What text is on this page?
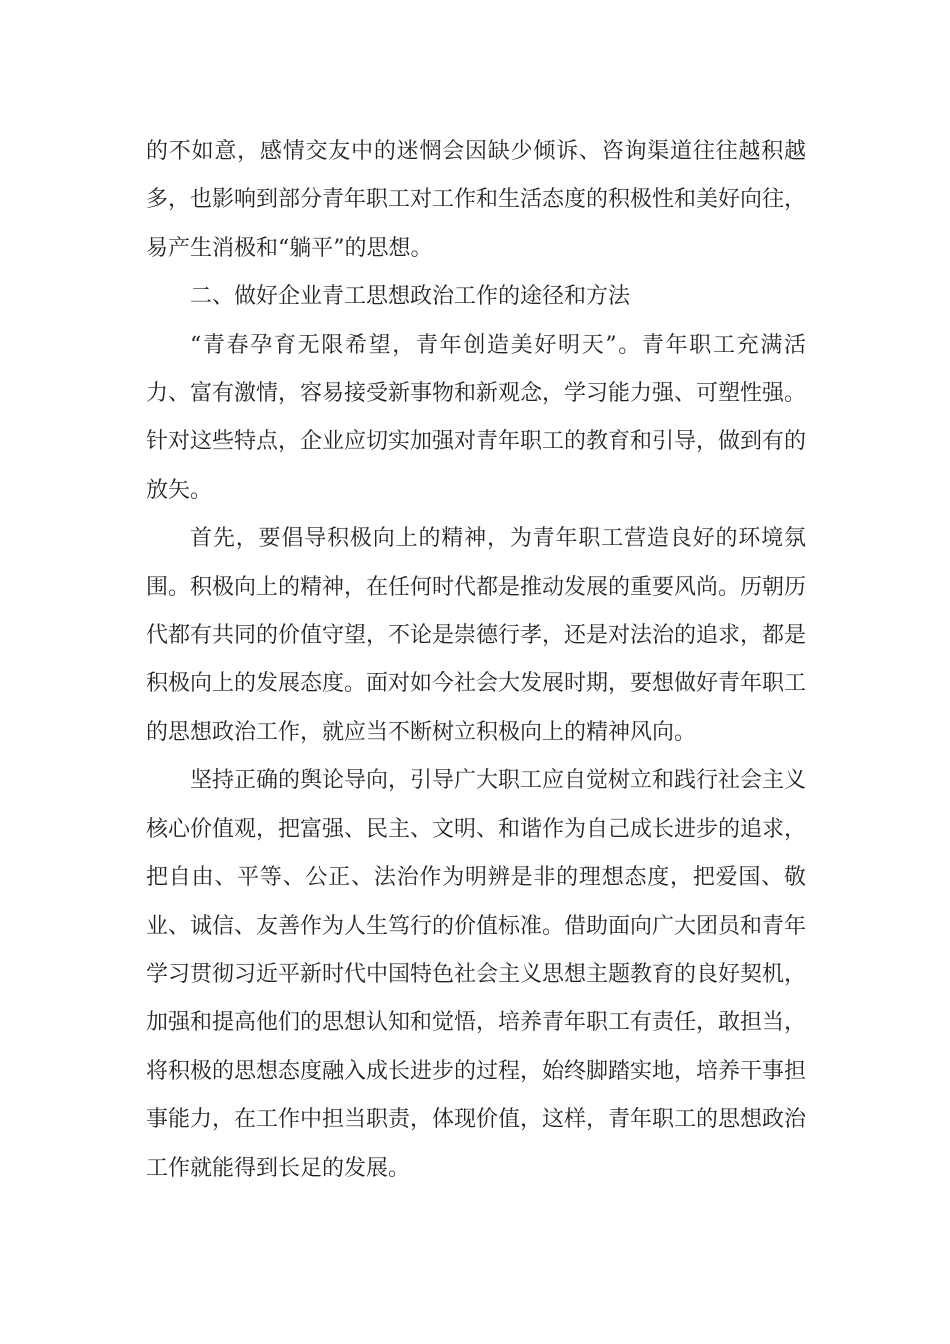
的不如意，感情交友中的迷惘会因缺少倾诉、咨询渠道往往越积越多，也影响到部分青年职工对工作和生活态度的积极性和美好向往，易产生消极和“躺平”的思想。

二、做好企业青工思想政治工作的途径和方法

“青春孕育无限希望，青年创造美好明天”。青年职工充满活力、富有激情，容易接受新事物和新观念，学习能力强、可塑性强。针对这些特点，企业应切实加强对青年职工的教育和引导，做到有的放矢。

首先，要倡导积极向上的精神，为青年职工营造良好的环境氛围。积极向上的精神，在任何时代都是推动发展的重要风尚。历朝历代都有共同的价值守望，不论是崇德行孝，还是对法治的追求，都是积极向上的发展态度。面对如今社会大发展时期，要想做好青年职工的思想政治工作，就应当不断树立积极向上的精神风向。

坚持正确的舆论导向，引导广大职工应自觉树立和践行社会主义核心价值观，把富强、民主、文明、和谐作为自己成长进步的追求，把自由、平等、公正、法治作为明辨是非的理想态度，把爱国、敬业、诚信、友善作为人生笃行的价值标准。借助面向广大团员和青年学习贯彻习近平新时代中国特色社会主义思想主题教育的良好契机，加强和提高他们的思想认知和觉悟，培养青年职工有责任，敢担当，将积极的思想态度融入成长进步的过程，始终脚踏实地，培养干事担事能力，在工作中担当职责，体现价值，这样，青年职工的思想政治工作就能得到长足的发展。
